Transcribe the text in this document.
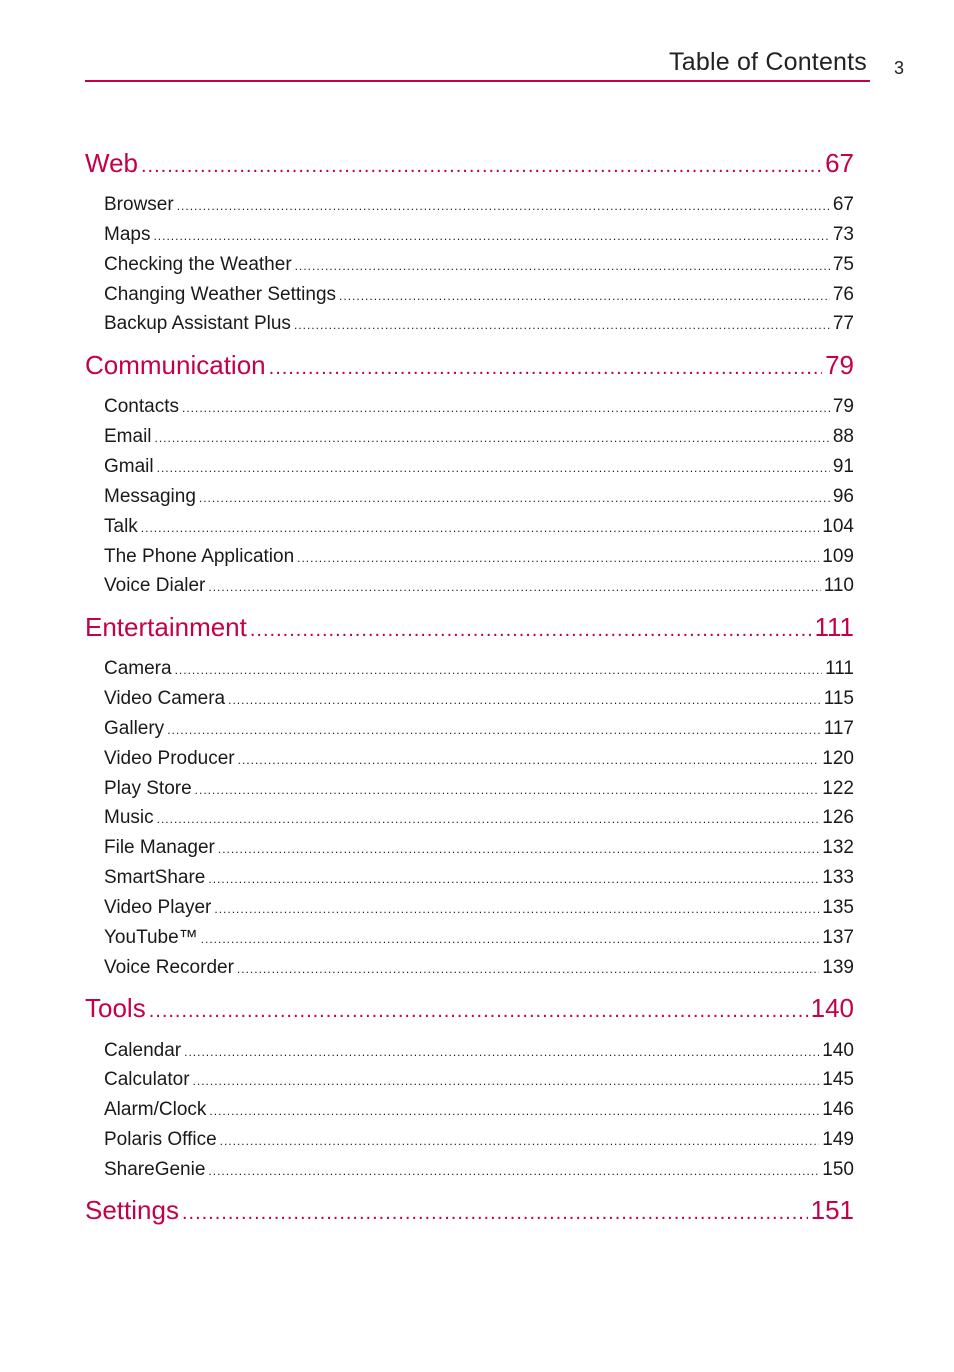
Table of Contents 3
Web .....	67
Browser .....	67
Maps .....	73
Checking the Weather .....	75
Changing Weather Settings .....	76
Backup Assistant Plus .....	77
Communication .....	79
Contacts .....	79
Email .....	88
Gmail .....	91
Messaging .....	96
Talk .....	104
The Phone Application .....	109
Voice Dialer .....	110
Entertainment .....	111
Camera .....	111
Video Camera .....	115
Gallery .....	117
Video Producer .....	120
Play Store .....	122
Music .....	126
File Manager .....	132
SmartShare .....	133
Video Player .....	135
YouTube™ .....	137
Voice Recorder .....	139
Tools .....	140
Calendar .....	140
Calculator .....	145
Alarm/Clock .....	146
Polaris Office .....	149
ShareGenie .....	150
Settings .....	151
